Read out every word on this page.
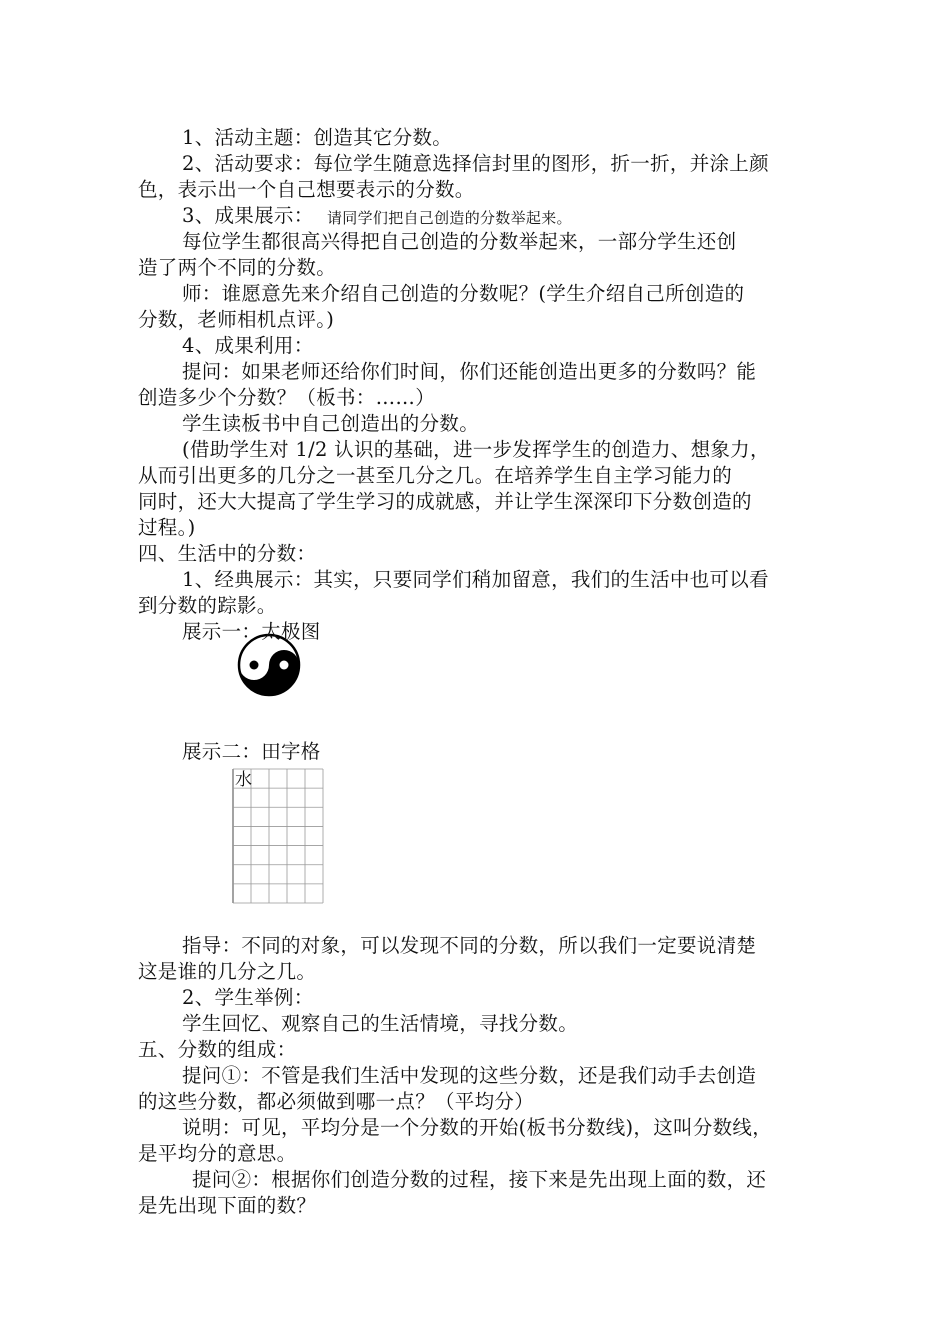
请同学们把自己创造的分数举起来。
水
1、活动主题：创造其它分数。
2、活动要求：每位学生随意选择信封里的图形，折一折，并涂上颜
色，表示出一个自己想要表示的分数。
3、成果展示：
每位学生都很高兴得把自己创造的分数举起来，一部分学生还创
造了两个不同的分数。
师：谁愿意先来介绍自己创造的分数呢？(学生介绍自己所创造的
分数，老师相机点评。)
4、成果利用：
提问：如果老师还给你们时间，你们还能创造出更多的分数吗？能
创造多少个分数？（板书：……）
学生读板书中自己创造出的分数。
(借助学生对 1/2 认识的基础，进一步发挥学生的创造力、想象力，
从而引出更多的几分之一甚至几分之几。在培养学生自主学习能力的
同时，还大大提高了学生学习的成就感，并让学生深深印下分数创造的
过程。)
四、生活中的分数：
1、经典展示：其实，只要同学们稍加留意，我们的生活中也可以看
到分数的踪影。
展示一：太极图
展示二：田字格
指导：不同的对象，可以发现不同的分数，所以我们一定要说清楚
这是谁的几分之几。
2、学生举例：
学生回忆、观察自己的生活情境，寻找分数。
五、分数的组成：
提问①：不管是我们生活中发现的这些分数，还是我们动手去创造
的这些分数，都必须做到哪一点？（平均分）
说明：可见，平均分是一个分数的开始(板书分数线)，这叫分数线，
是平均分的意思。
提问②：根据你们创造分数的过程，接下来是先出现上面的数，还
是先出现下面的数？
